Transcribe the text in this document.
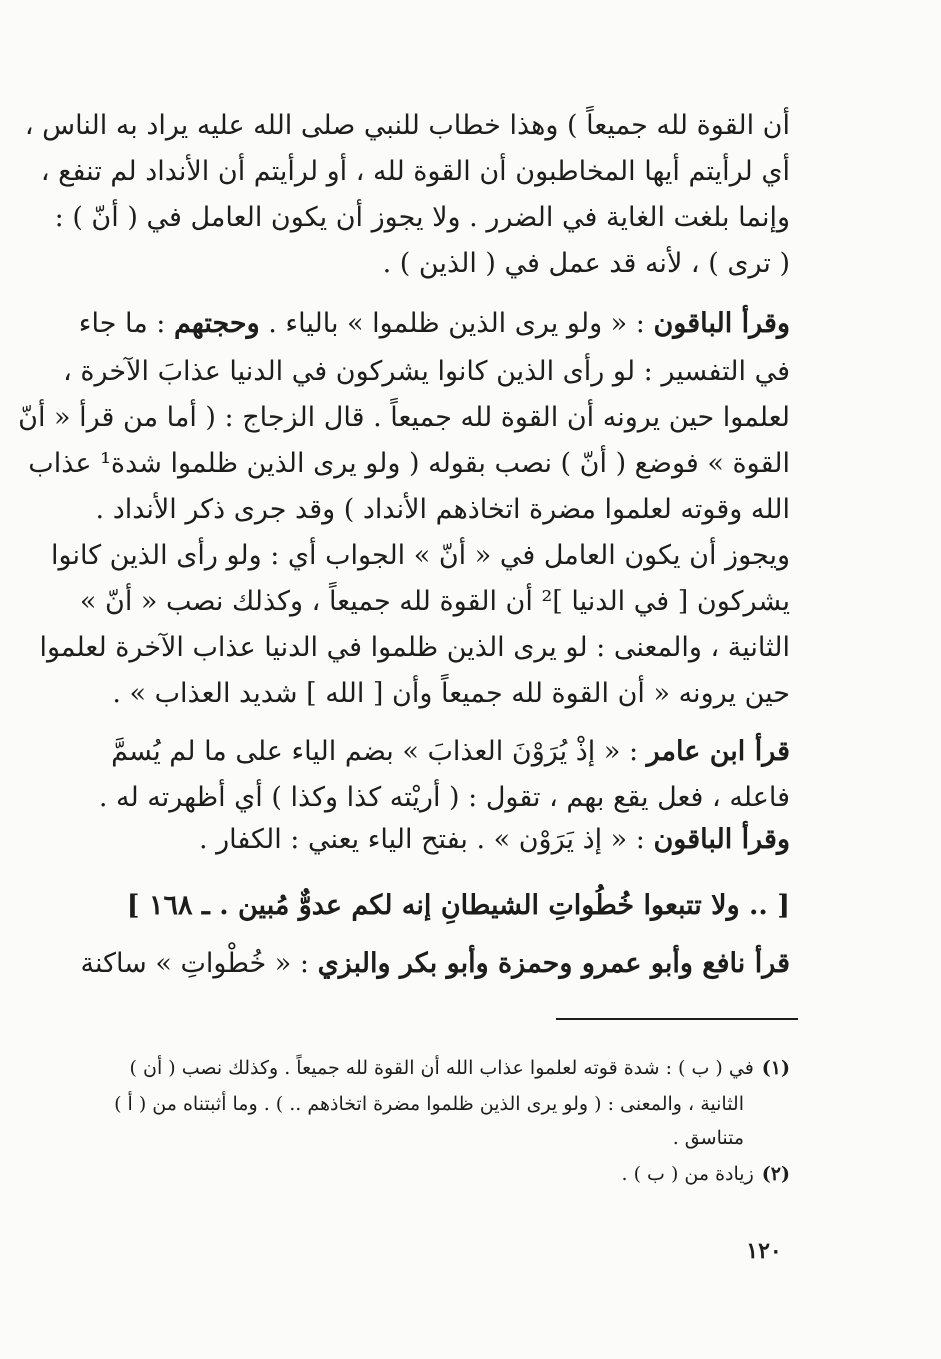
أن القوة لله جميعاً ) وهذا خطاب للنبي صلى الله عليه يراد به الناس ،
أي لرأيتم أيها المخاطبون أن القوة لله ، أو لرأيتم أن الأنداد لم تنفع ،
وإنما بلغت الغاية في الضرر . ولا يجوز أن يكون العامل في ( أنّ ) :
( ترى ) ، لأنه قد عمل في ( الذين ) .
وقرأ الباقون : « ولو يرى الذين ظلموا » بالياء . وحجتهم : ما جاء
في التفسير : لو رأى الذين كانوا يشركون في الدنيا عذابَ الآخرة ،
لعلموا حين يرونه أن القوة لله جميعاً . قال الزجاج : ( أما من قرأ « أنّ
القوة » فوضع ( أنّ ) نصب بقوله ( ولو يرى الذين ظلموا شدة¹ عذاب
الله وقوته لعلموا مضرة اتخاذهم الأنداد ) وقد جرى ذكر الأنداد .
ويجوز أن يكون العامل في « أنّ » الجواب أي : ولو رأى الذين كانوا
يشركون [ في الدنيا ]² أن القوة لله جميعاً ، وكذلك نصب « أنّ »
الثانية ، والمعنى : لو يرى الذين ظلموا في الدنيا عذاب الآخرة لعلموا
حين يرونه « أن القوة لله جميعاً وأن [ الله ] شديد العذاب » .
قرأ ابن عامر : « إذْ يُرَوْنَ العذابَ » بضم الياء على ما لم يُسمَّ
فاعله ، فعل يقع بهم ، تقول : ( أريْته كذا وكذا ) أي أظهرته له .
وقرأ الباقون : « إذ يَرَوْن » . بفتح الياء يعني : الكفار .
[ .. ولا تتبعوا خُطُواتِ الشيطانِ إنه لكم عدوٌّ مُبين . ـ ١٦٨ ]
قرأ نافع وأبو عمرو وحمزة وأبو بكر والبزي : « خُطْواتِ » ساكنة
(١)في ( ب ) : شدة قوته لعلموا عذاب الله أن القوة لله جميعاً . وكذلك نصب ( أن )
الثانية ، والمعنى : ( ولو يرى الذين ظلموا مضرة اتخاذهم .. ) . وما أثبتناه من ( أ )
متناسق .
(٢)زيادة من ( ب ) .
١٢٠
